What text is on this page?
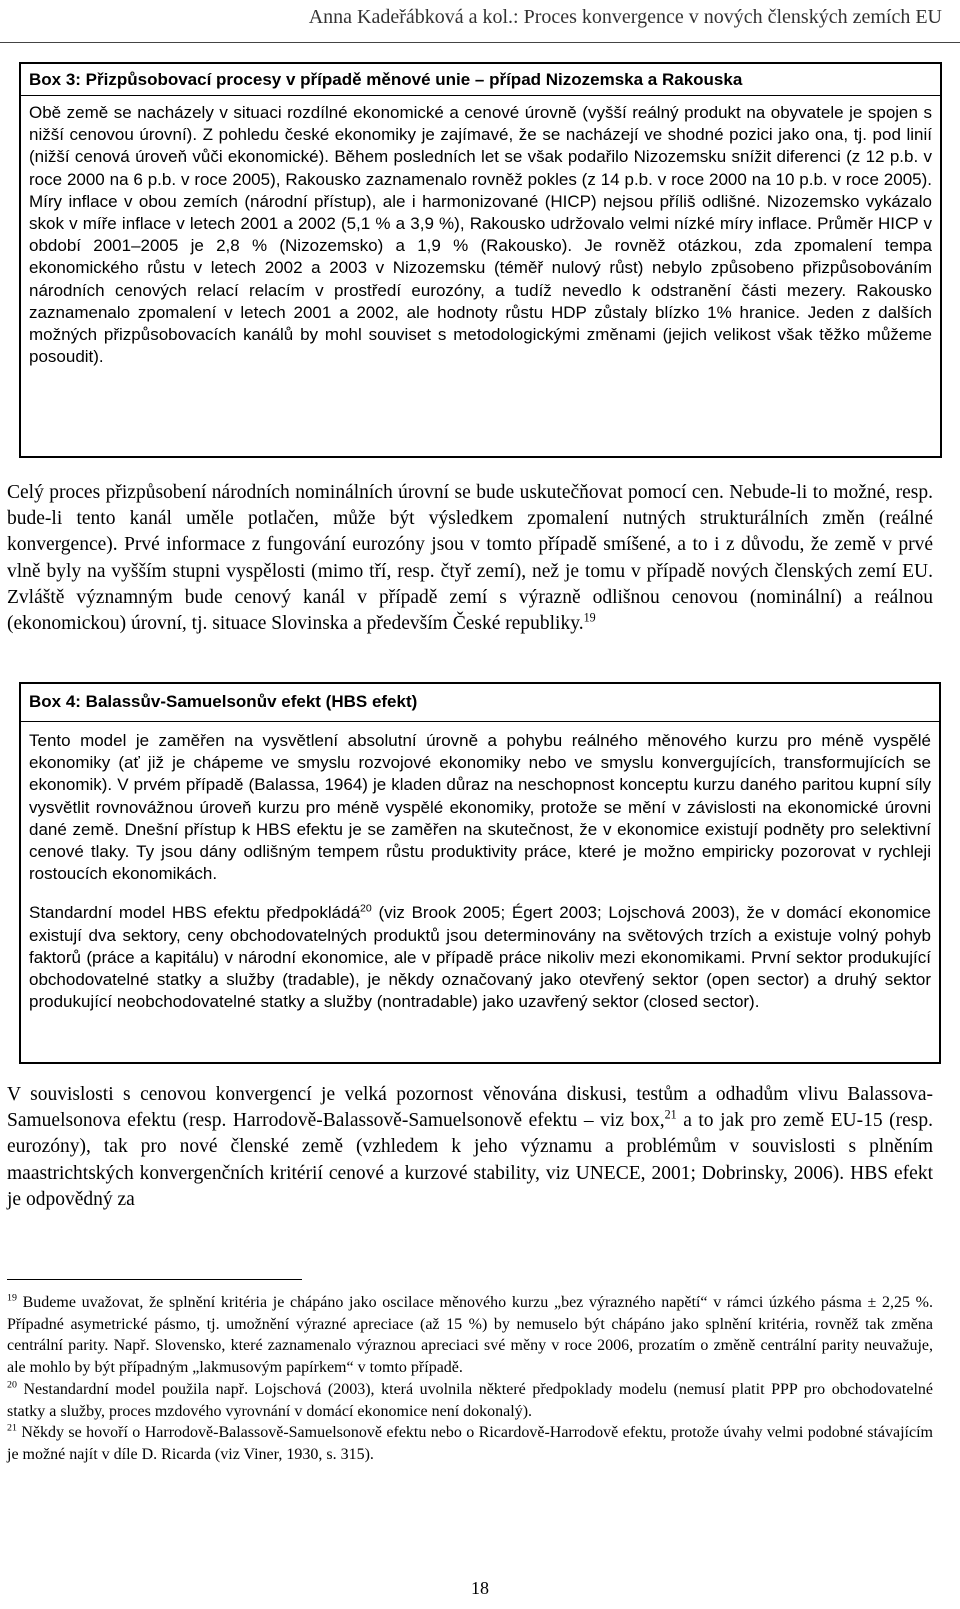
Anna Kadeřábková a kol.: Proces konvergence v nových členských zemích EU
Box 3: Přizpůsobovací procesy v případě měnové unie – případ Nizozemska a Rakouska

Obě země se nacházely v situaci rozdílné ekonomické a cenové úrovně (vyšší reálný produkt na obyvatele je spojen s nižší cenovou úrovní). Z pohledu české ekonomiky je zajímavé, že se nacházejí ve shodné pozici jako ona, tj. pod linií (nižší cenová úroveň vůči ekonomické). Během posledních let se však podařilo Nizozemsku snížit diferenci (z 12 p.b. v roce 2000 na 6 p.b. v roce 2005), Rakousko zaznamenalo rovněž pokles (z 14 p.b. v roce 2000 na 10 p.b. v roce 2005). Míry inflace v obou zemích (národní přístup), ale i harmonizované (HICP) nejsou příliš odlišné. Nizozemsko vykázalo skok v míře inflace v letech 2001 a 2002 (5,1 % a 3,9 %), Rakousko udržovalo velmi nízké míry inflace. Průměr HICP v období 2001–2005 je 2,8 % (Nizozemsko) a 1,9 % (Rakousko). Je rovněž otázkou, zda zpomalení tempa ekonomického růstu v letech 2002 a 2003 v Nizozemsku (téměř nulový růst) nebylo způsobeno přizpůsobováním národních cenových relací relacím v prostředí eurozóny, a tudíž nevedlo k odstranění části mezery. Rakousko zaznamenalo zpomalení v letech 2001 a 2002, ale hodnoty růstu HDP zůstaly blízko 1% hranice. Jeden z dalších možných přizpůsobovacích kanálů by mohl souviset s metodologickými změnami (jejich velikost však těžko můžeme posoudit).

Celý proces přizpůsobení národních nominálních úrovní se bude uskutečňovat pomocí cen. Nebude-li to možné, resp. bude-li tento kanál uměle potlačen, může být výsledkem zpomalení nutných strukturálních změn (reálné konvergence). Prvé informace z fungování eurozóny jsou v tomto případě smíšené, a to i z důvodu, že země v prvé vlně byly na vyšším stupni vyspělosti (mimo tří, resp. čtyř zemí), než je tomu v případě nových členských zemí EU. Zvláště významným bude cenový kanál v případě zemí s výrazně odlišnou cenovou (nominální) a reálnou (ekonomickou) úrovní, tj. situace Slovinska a především České republiky.$^{19}$

Box 4: Balassův-Samuelsonův efekt (HBS efekt)

Tento model je zaměřen na vysvětlení absolutní úrovně a pohybu reálného měnového kurzu pro méně vyspělé ekonomiky (ať již je chápeme ve smyslu rozvojové ekonomiky nebo ve smyslu konvergujících, transformujících se ekonomik). V prvém případě (Balassa, 1964) je kladen důraz na neschopnost konceptu kurzu daného paritou kupní síly vysvětlit rovnovážnou úroveň kurzu pro méně vyspělé ekonomiky, protože se mění v závislosti na ekonomické úrovni dané země. Dnešní přístup k HBS efektu je se zaměřen na skutečnost, že v ekonomice existují podněty pro selektivní cenové tlaky. Ty jsou dány odlišným tempem růstu produktivity práce, které je možno empiricky pozorovat v rychleji rostoucích ekonomikách.

Standardní model HBS efektu předpokládá$^{20}$ (viz Brook 2005; Égert 2003; Lojschová 2003), že v domácí ekonomice existují dva sektory, ceny obchodovatelných produktů jsou determinovány na světových trzích a existuje volný pohyb faktorů (práce a kapitálu) v národní ekonomice, ale v případě práce nikoliv mezi ekonomikami. První sektor produkující obchodovatelné statky a služby (tradable), je někdy označovaný jako otevřený sektor (open sector) a druhý sektor produkující neobchodovatelné statky a služby (nontradable) jako uzavřený sektor (closed sector).

V souvislosti s cenovou konvergencí je velká pozornost věnována diskusi, testům a odhadům vlivu Balassova-Samuelsonova efektu (resp. Harrodově-Balassově-Samuelsonově efektu – viz box,$^{21}$ a to jak pro země EU-15 (resp. eurozóny), tak pro nové členské země (vzhledem k jeho významu a problémům v souvislosti s plněním maastrichtských konvergenčních kritérií cenové a kurzové stability, viz UNECE, 2001; Dobrinsky, 2006). HBS efekt je odpovědný za

$^{19}$ Budeme uvažovat, že splnění kritéria je chápáno jako oscilace měnového kurzu „bez výrazného napětí“ v rámci úzkého pásma ± 2,25 %. Případné asymetrické pásmo, tj. umožnění výrazné apreciace (až 15 %) by nemuselo být chápáno jako splnění kritéria, rovněž tak změna centrální parity. Např. Slovensko, které zaznamenalo výraznou apreciaci své měny v roce 2006, prozatím o změně centrální parity neuvažuje, ale mohlo by být případným „lakmusovým papírkem“ v tomto případě.

$^{20}$ Nestandardní model použila např. Lojschová (2003), která uvolnila některé předpoklady modelu (nemusí platit PPP pro obchodovatelné statky a služby, proces mzdového vyrovnání v domácí ekonomice není dokonalý).

$^{21}$ Někdy se hovoří o Harrodově-Balassově-Samuelsonově efektu nebo o Ricardově-Harrodově efektu, protože úvahy velmi podobné stávajícím je možné najít v díle D. Ricarda (viz Viner, 1930, s. 315).

18
